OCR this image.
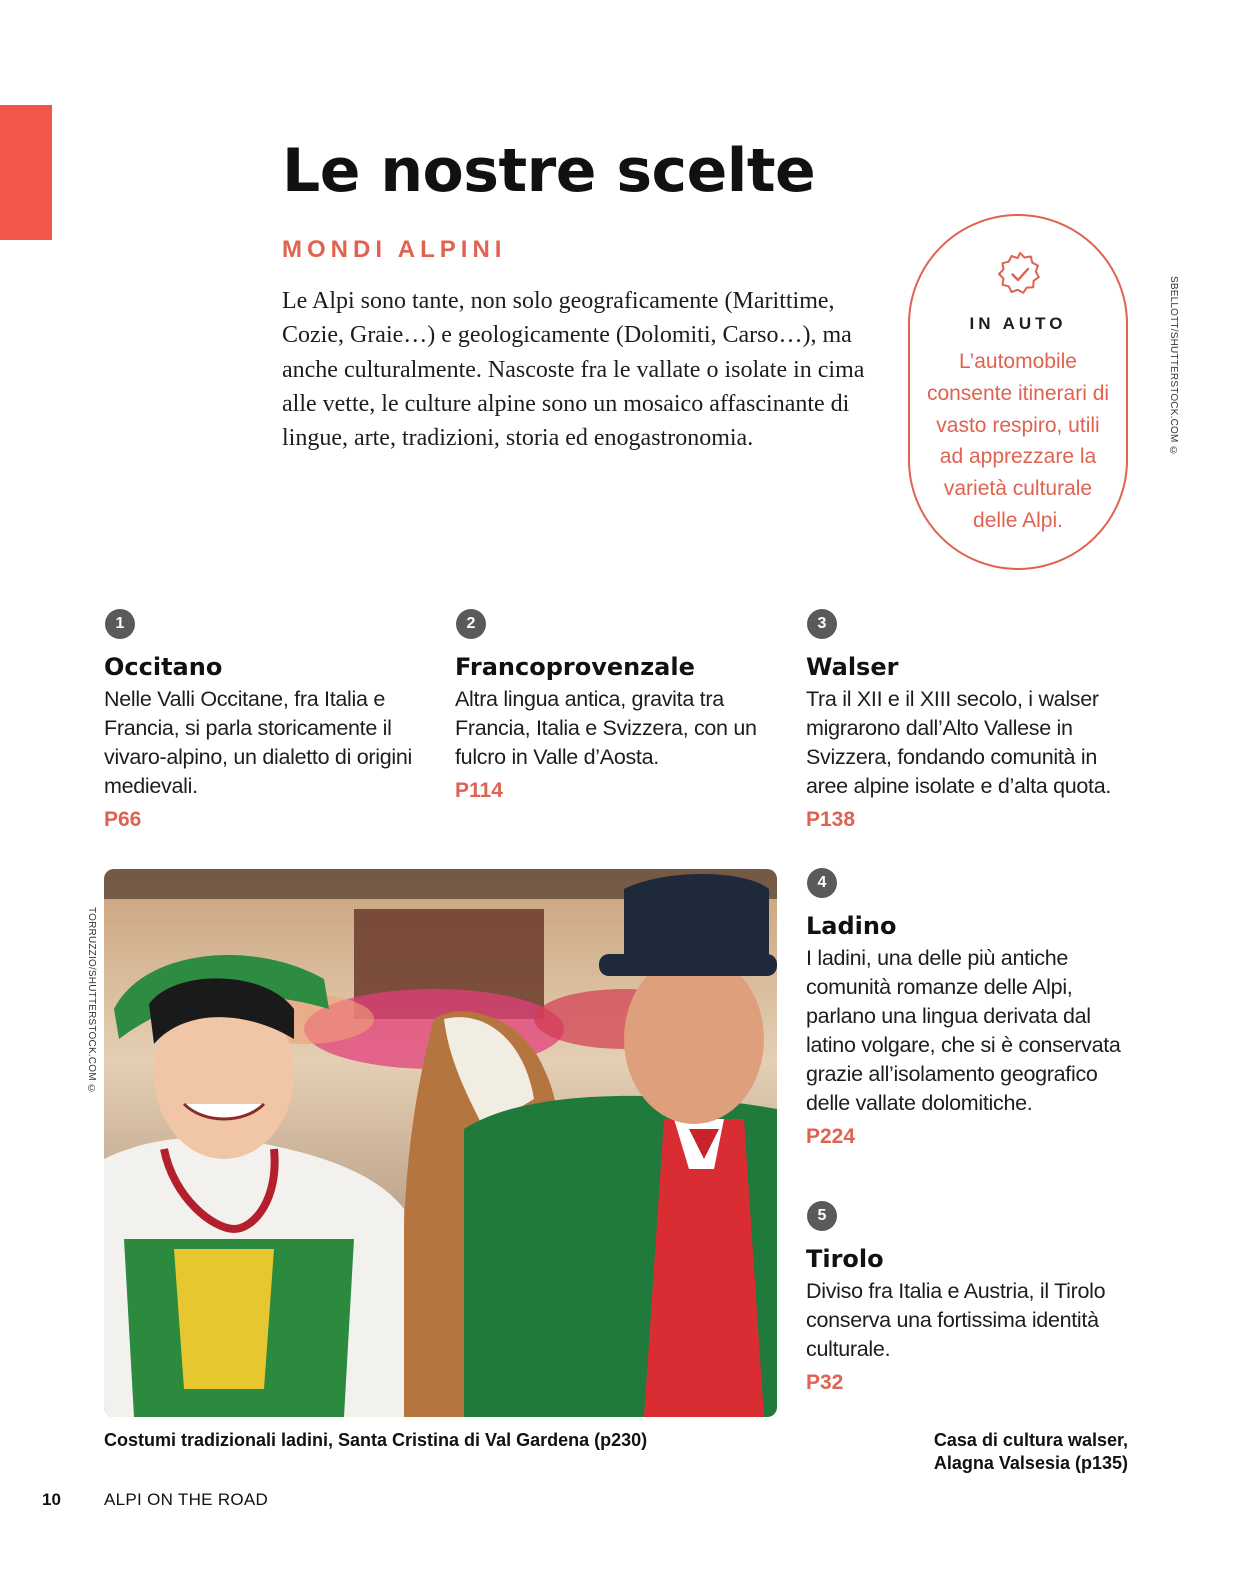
Le nostre scelte
MONDI ALPINI

Le Alpi sono tante, non solo geograficamente (Marittime, Cozie, Graie…) e geologicamente (Dolomiti, Carso…), ma anche culturalmente. Nascoste fra le vallate o isolate in cima alle vette, le culture alpine sono un mosaico affascinante di lingue, arte, tradizioni, storia ed enogastronomia.

IN AUTO
L’automobile consente itinerari di vasto respiro, utili ad apprezzare la varietà culturale delle Alpi.
SBELLOTT/SHUTTERSTOCK.COM ©
1
Occitano

Nelle Valli Occitane, fra Italia e Francia, si parla storicamente il vivaro-alpino, un dialetto di origini medievali.

P66
2
Francoprovenzale

Altra lingua antica, gravita tra Francia, Italia e Svizzera, con un fulcro in Valle d’Aosta.

P114
3
Walser

Tra il XII e il XIII secolo, i walser migrarono dall’Alto Vallese in Svizzera, fondando comunità in aree alpine isolate e d’alta quota.

P138
4
Ladino

I ladini, una delle più antiche comunità romanze delle Alpi, parlano una lingua derivata dal latino volgare, che si è conservata grazie all’isolamento geografico delle vallate dolomitiche.

P224
5
Tirolo

Diviso fra Italia e Austria, il Tirolo conserva una fortissima identità culturale.

P32
TORRUZZIO/SHUTTERSTOCK.COM ©
Costumi tradizionali ladini, Santa Cristina di Val Gardena (p230)	Casa di cultura walser, Alagna Valsesia (p135)
10	ALPI ON THE ROAD
